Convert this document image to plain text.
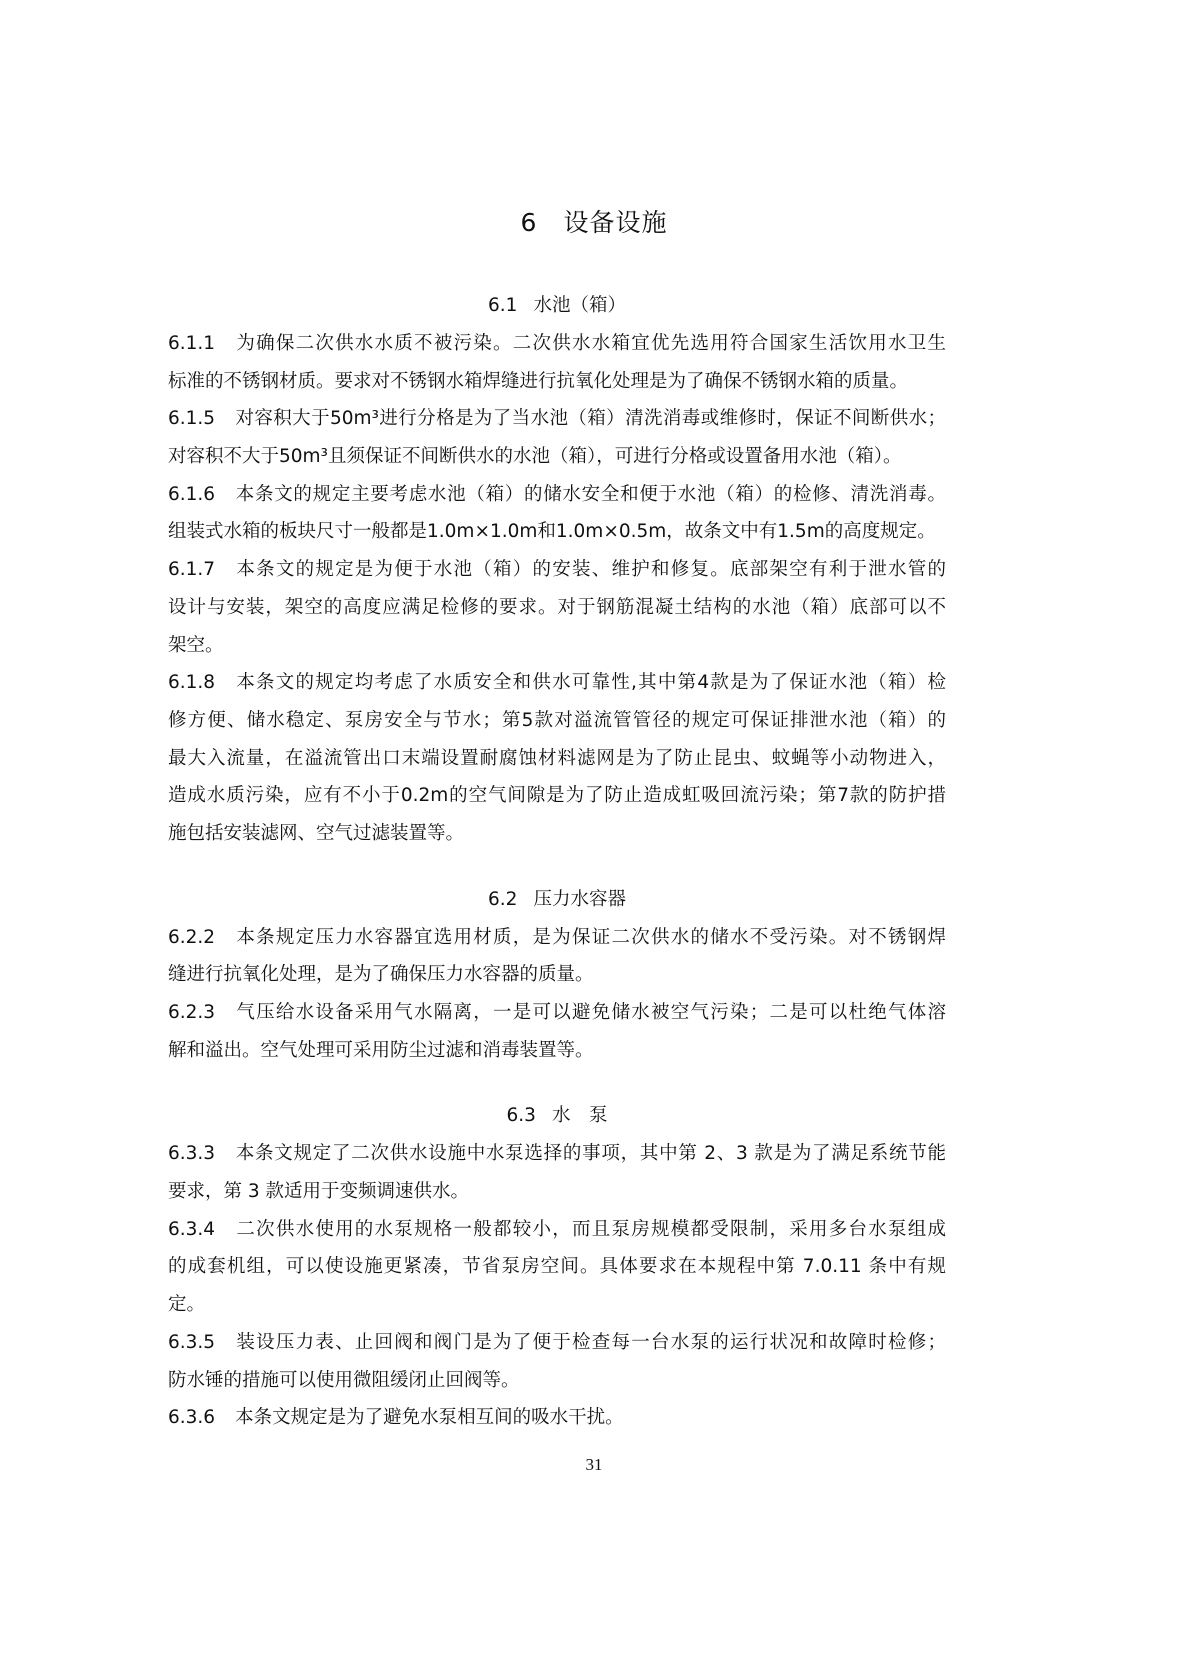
6 设备设施
6.1 水池（箱）
6.1.1 为确保二次供水水质不被污染。二次供水水箱宜优先选用符合国家生活饮用水卫生
标准的不锈钢材质。要求对不锈钢水箱焊缝进行抗氧化处理是为了确保不锈钢水箱的质量。
6.1.5 对容积大于50m³进行分格是为了当水池（箱）清洗消毒或维修时，保证不间断供水；
对容积不大于50m³且须保证不间断供水的水池（箱），可进行分格或设置备用水池（箱）。
6.1.6 本条文的规定主要考虑水池（箱）的储水安全和便于水池（箱）的检修、清洗消毒。
组装式水箱的板块尺寸一般都是1.0m×1.0m和1.0m×0.5m，故条文中有1.5m的高度规定。
6.1.7 本条文的规定是为便于水池（箱）的安装、维护和修复。底部架空有利于泄水管的
设计与安装，架空的高度应满足检修的要求。对于钢筋混凝土结构的水池（箱）底部可以不
架空。
6.1.8 本条文的规定均考虑了水质安全和供水可靠性,其中第4款是为了保证水池（箱）检
修方便、储水稳定、泵房安全与节水；第5款对溢流管管径的规定可保证排泄水池（箱）的
最大入流量，在溢流管出口末端设置耐腐蚀材料滤网是为了防止昆虫、蚊蝇等小动物进入，
造成水质污染，应有不小于0.2m的空气间隙是为了防止造成虹吸回流污染；第7款的防护措
施包括安装滤网、空气过滤装置等。
6.2 压力水容器
6.2.2 本条规定压力水容器宜选用材质，是为保证二次供水的储水不受污染。对不锈钢焊
缝进行抗氧化处理，是为了确保压力水容器的质量。
6.2.3 气压给水设备采用气水隔离，一是可以避免储水被空气污染；二是可以杜绝气体溶
解和溢出。空气处理可采用防尘过滤和消毒装置等。
6.3 水　泵
6.3.3 本条文规定了二次供水设施中水泵选择的事项，其中第 2、3 款是为了满足系统节能
要求，第 3 款适用于变频调速供水。
6.3.4 二次供水使用的水泵规格一般都较小，而且泵房规模都受限制，采用多台水泵组成
的成套机组，可以使设施更紧凑，节省泵房空间。具体要求在本规程中第 7.0.11 条中有规
定。
6.3.5 装设压力表、止回阀和阀门是为了便于检查每一台水泵的运行状况和故障时检修；
防水锤的措施可以使用微阻缓闭止回阀等。
6.3.6 本条文规定是为了避免水泵相互间的吸水干扰。
31
